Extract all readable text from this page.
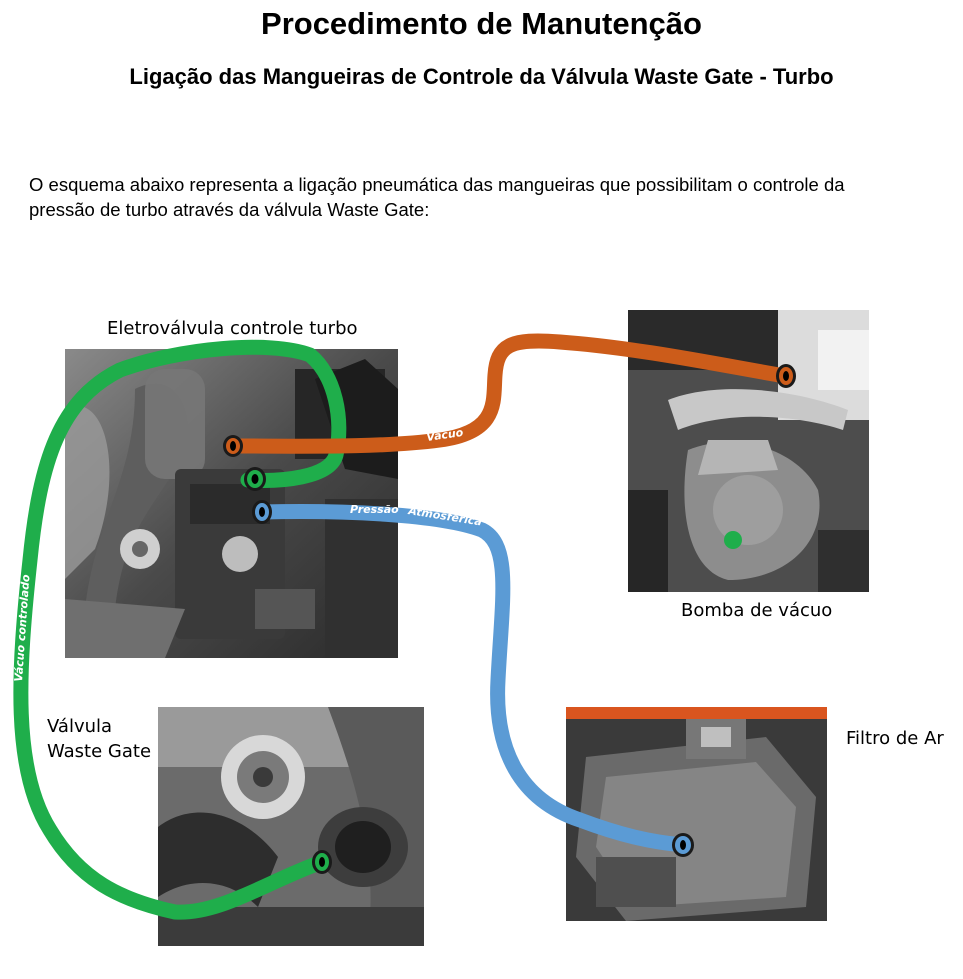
Procedimento de Manutenção
Ligação das Mangueiras de Controle da Válvula Waste Gate - Turbo
O esquema abaixo representa a ligação pneumática das mangueiras que possibilitam o controle da pressão de turbo através da válvula Waste Gate:
Eletroválvula controle turbo
Bomba de vácuo
Válvula
Waste Gate
Filtro de Ar
Vácuo
Pressão Atmosférica
Vácuo controlado
